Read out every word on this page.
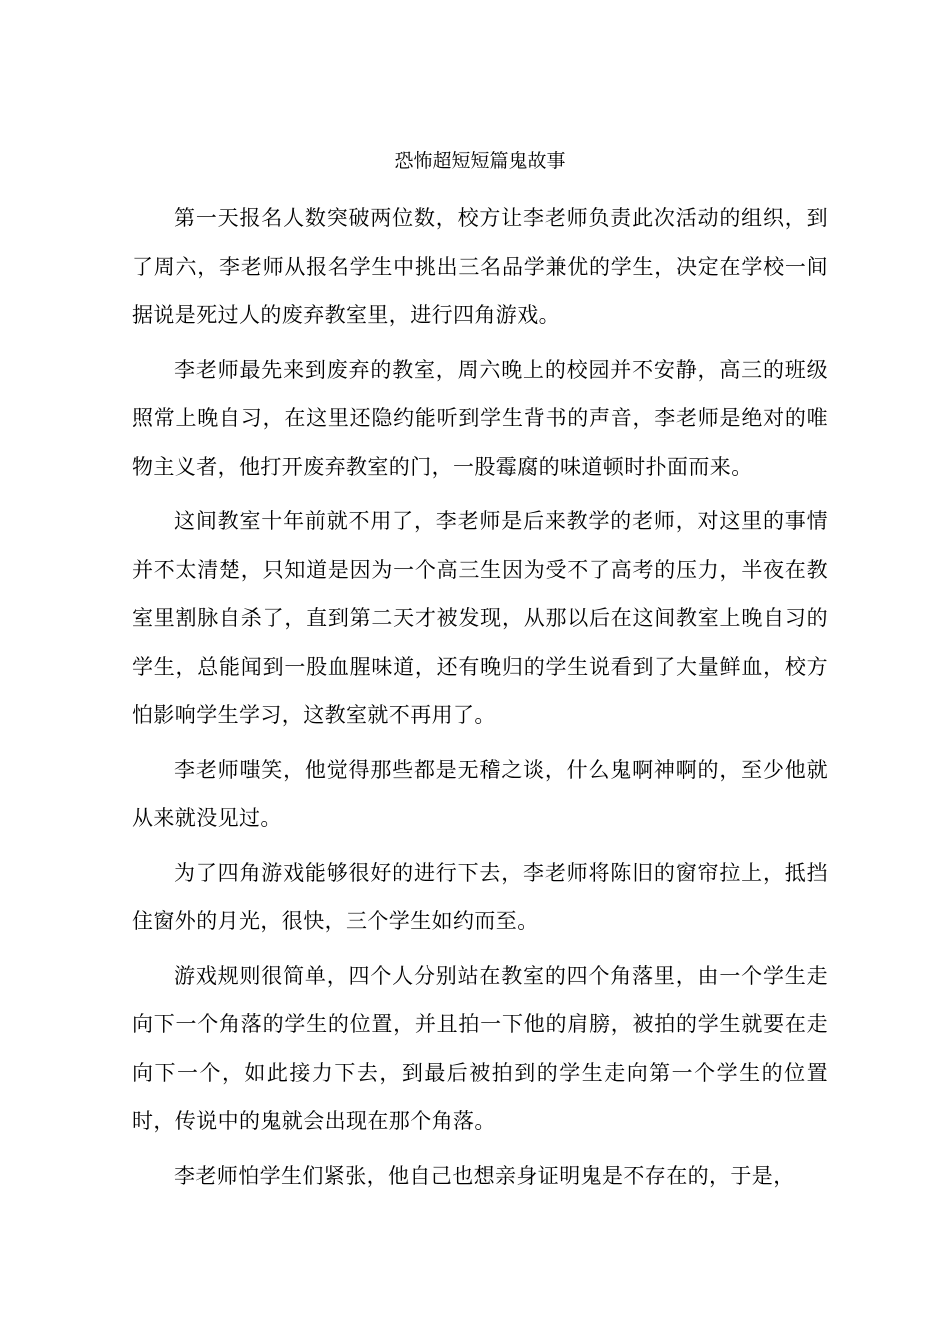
恐怖超短短篇鬼故事

第一天报名人数突破两位数，校方让李老师负责此次活动的组织，到了周六，李老师从报名学生中挑出三名品学兼优的学生，决定在学校一间据说是死过人的废弃教室里，进行四角游戏。

李老师最先来到废弃的教室，周六晚上的校园并不安静，高三的班级照常上晚自习，在这里还隐约能听到学生背书的声音，李老师是绝对的唯物主义者，他打开废弃教室的门，一股霉腐的味道顿时扑面而来。

这间教室十年前就不用了，李老师是后来教学的老师，对这里的事情并不太清楚，只知道是因为一个高三生因为受不了高考的压力，半夜在教室里割脉自杀了，直到第二天才被发现，从那以后在这间教室上晚自习的学生，总能闻到一股血腥味道，还有晚归的学生说看到了大量鲜血，校方怕影响学生学习，这教室就不再用了。

李老师嗤笑，他觉得那些都是无稽之谈，什么鬼啊神啊的，至少他就从来就没见过。

为了四角游戏能够很好的进行下去，李老师将陈旧的窗帘拉上，抵挡住窗外的月光，很快，三个学生如约而至。

游戏规则很简单，四个人分别站在教室的四个角落里，由一个学生走向下一个角落的学生的位置，并且拍一下他的肩膀，被拍的学生就要在走向下一个，如此接力下去，到最后被拍到的学生走向第一个学生的位置时，传说中的鬼就会出现在那个角落。

李老师怕学生们紧张，他自己也想亲身证明鬼是不存在的，于是，
